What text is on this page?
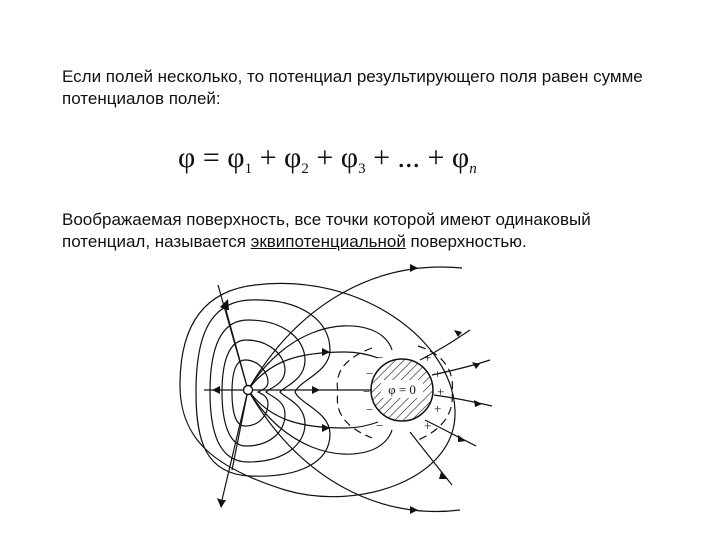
Если полей несколько, то потенциал результирующего поля равен сумме потенциалов полей:

$\varphi = \varphi_1 + \varphi_2 + \varphi_3$ + ... + $\varphi_n$

Воображаемая поверхность, все точки которой имеют одинаковый потенциал, называется эквипотенциальной поверхностью.

φ = 0
−
−
−
−
−
+
+
+
+
+
